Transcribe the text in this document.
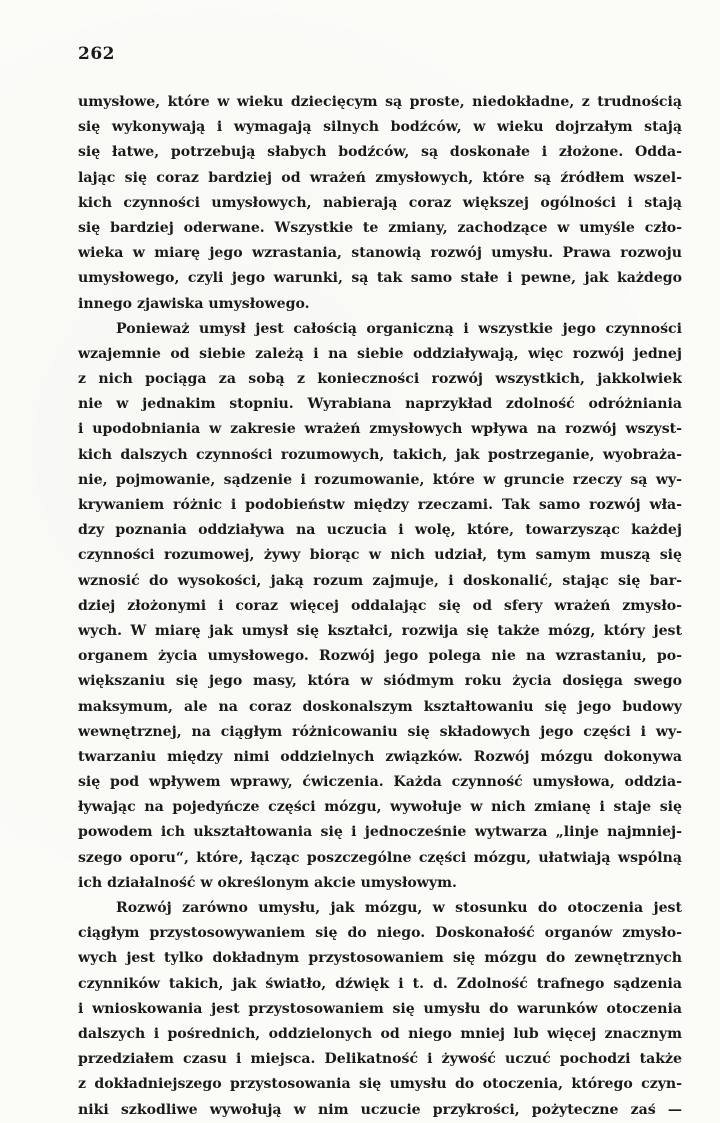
262
umysłowe, które w wieku dziecięcym są proste, niedokładne, z trudnością
się wykonywają i wymagają silnych bodźców, w wieku dojrzałym stają
się łatwe, potrzebują słabych bodźców, są doskonałe i złożone. Odda-
lając się coraz bardziej od wrażeń zmysłowych, które są źródłem wszel-
kich czynności umysłowych, nabierają coraz większej ogólności i stają
się bardziej oderwane. Wszystkie te zmiany, zachodzące w umyśle czło-
wieka w miarę jego wzrastania, stanowią rozwój umysłu. Prawa rozwoju
umysłowego, czyli jego warunki, są tak samo stałe i pewne, jak każdego
innego zjawiska umysłowego.
Ponieważ umysł jest całością organiczną i wszystkie jego czynności
wzajemnie od siebie zależą i na siebie oddziaływają, więc rozwój jednej
z nich pociąga za sobą z konieczności rozwój wszystkich, jakkolwiek
nie w jednakim stopniu. Wyrabiana naprzykład zdolność odróżniania
i upodobniania w zakresie wrażeń zmysłowych wpływa na rozwój wszyst-
kich dalszych czynności rozumowych, takich, jak postrzeganie, wyobraża-
nie, pojmowanie, sądzenie i rozumowanie, które w gruncie rzeczy są wy-
krywaniem różnic i podobieństw między rzeczami. Tak samo rozwój wła-
dzy poznania oddziaływa na uczucia i wolę, które, towarzysząc każdej
czynności rozumowej, żywy biorąc w nich udział, tym samym muszą się
wznosić do wysokości, jaką rozum zajmuje, i doskonalić, stając się bar-
dziej złożonymi i coraz więcej oddalając się od sfery wrażeń zmysło-
wych. W miarę jak umysł się kształci, rozwija się także mózg, który jest
organem życia umysłowego. Rozwój jego polega nie na wzrastaniu, po-
większaniu się jego masy, która w siódmym roku życia dosięga swego
maksymum, ale na coraz doskonalszym kształtowaniu się jego budowy
wewnętrznej, na ciągłym różnicowaniu się składowych jego części i wy-
twarzaniu między nimi oddzielnych związków. Rozwój mózgu dokonywa
się pod wpływem wprawy, ćwiczenia. Każda czynność umysłowa, oddzia-
ływając na pojedyńcze części mózgu, wywołuje w nich zmianę i staje się
powodem ich ukształtowania się i jednocześnie wytwarza „linje najmniej-
szego oporu“, które, łącząc poszczególne części mózgu, ułatwiają wspólną
ich działalność w określonym akcie umysłowym.
Rozwój zarówno umysłu, jak mózgu, w stosunku do otoczenia jest
ciągłym przystosowywaniem się do niego. Doskonałość organów zmysło-
wych jest tylko dokładnym przystosowaniem się mózgu do zewnętrznych
czynników takich, jak światło, dźwięk i t. d. Zdolność trafnego sądzenia
i wnioskowania jest przystosowaniem się umysłu do warunków otoczenia
dalszych i pośrednich, oddzielonych od niego mniej lub więcej znacznym
przedziałem czasu i miejsca. Delikatność i żywość uczuć pochodzi także
z dokładniejszego przystosowania się umysłu do otoczenia, którego czyn-
niki szkodliwe wywołują w nim uczucie przykrości, pożyteczne zaś —
